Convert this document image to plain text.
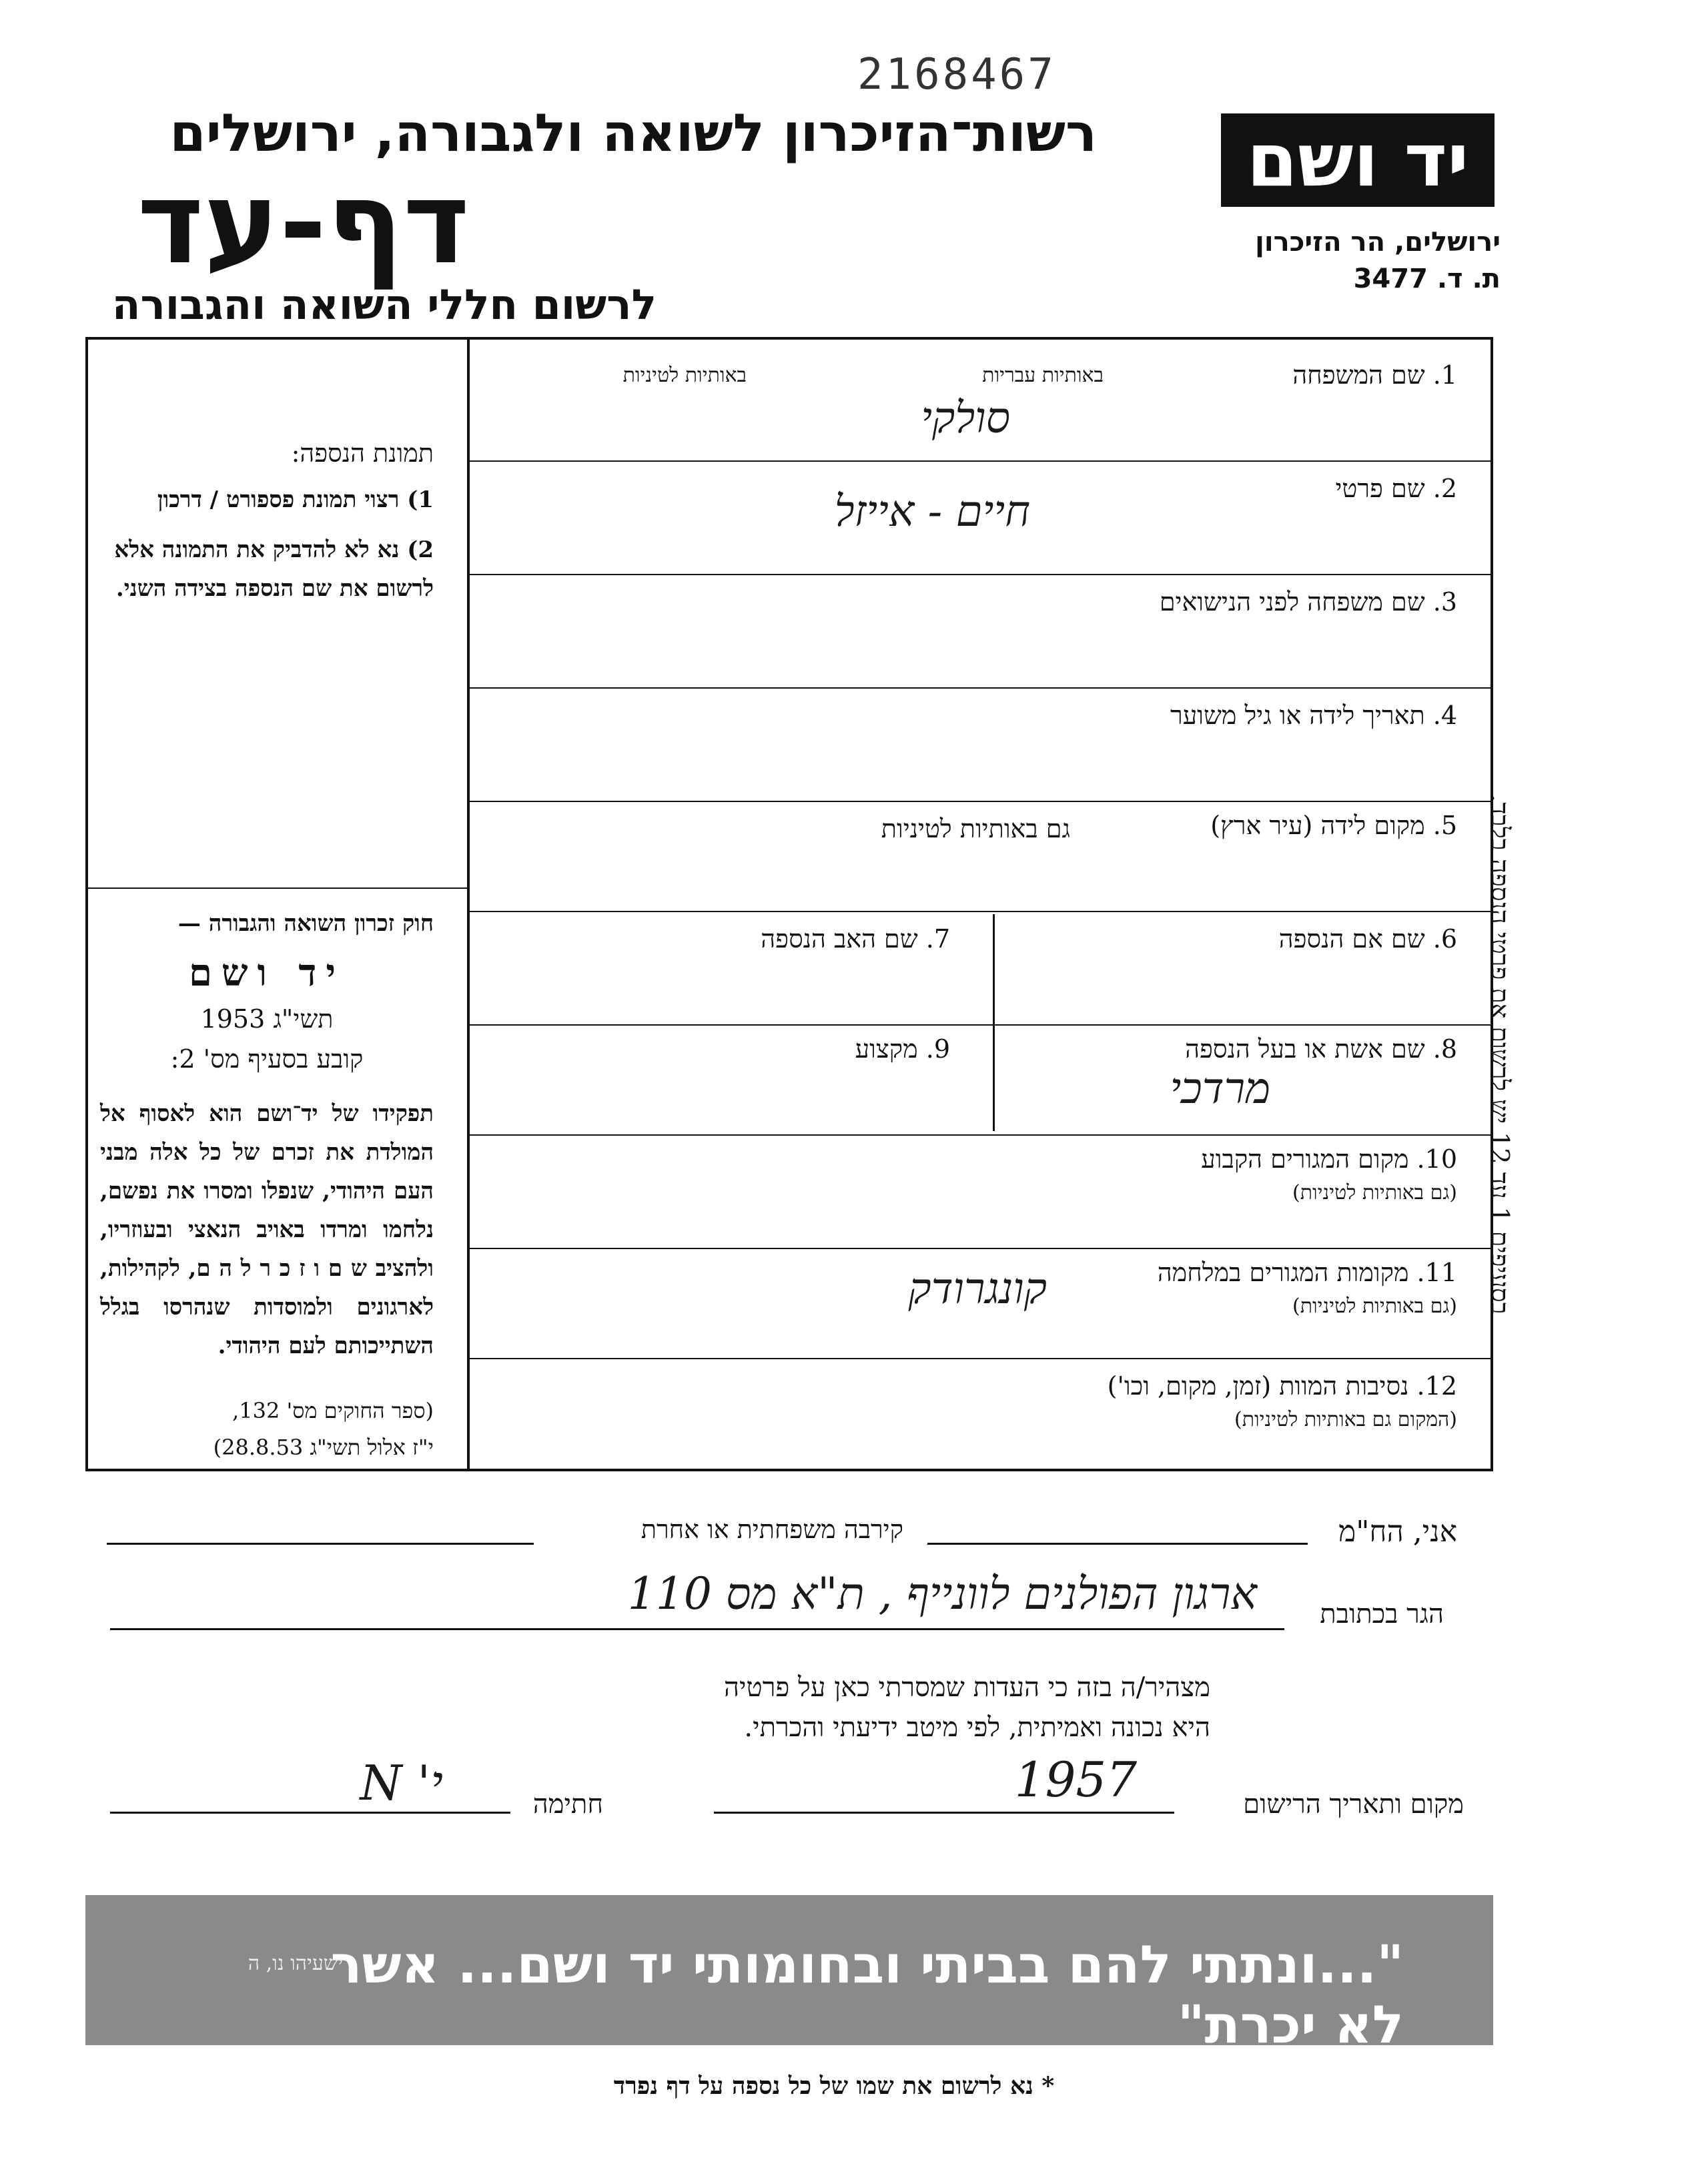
2168467
רשות־הזיכרון לשואה ולגבורה, ירושלים
דף-עד
לרשום חללי השואה והגבורה
יד ושם
ירושלים, הר הזיכרון
ת. ד. 3477
באותיות עבריות
באותיות לטיניות	1. שם המשפחה
סולקי
2. שם פרטי
חיים - אייזל
3. שם משפחה לפני הנישואים
4. תאריך לידה או גיל משוער
5. מקום לידה (עיר ארץ)
גם באותיות לטיניות
6. שם אם הנספה
7. שם האב הנספה
8. שם אשת או בעל הנספה
מרדכי
9. מקצוע
10. מקום המגורים הקבוע
(גם באותיות לטיניות)
11. מקומות המגורים במלחמה
(גם באותיות לטיניות)
קונגרודק
12. נסיבות המוות (זמן, מקום, וכו')
(המקום גם באותיות לטיניות)
תמונת הנספה:
1) רצוי תמונת פספורט / דרכון
2) נא לא להדביק את התמונה אלא לרשום את שם הנספה בצידה השני.
חוק זכרון השואה והגבורה —
יד ושם
תשי"ג 1953
קובע בסעיף מס' 2:
תפקידו של יד־ושם הוא לאסוף אל המולדת את זכרם של כל אלה מבני העם היהודי, שנפלו ומסרו את נפשם, נלחמו ומרדו באויב הנאצי ובעוזריו, ולהציב ש ם ו ז כ ר ל ה ם, לקהילות, לארגונים ולמוסדות שנהרסו בגלל השתייכותם לעם היהודי.
(ספר החוקים מס' 132,
י"ז אלול תשי"ג 28.8.53)
בסעיפים 1 עד 12 יש לרשום את פרטי הנספה בלבד.
אני, הח"מ
קירבה משפחתית או אחרת
הגר בכתובת
ארגון הפולנים לוונייף , ת"א מס 110
מצהיר/ה בזה כי העדות שמסרתי כאן על פרטיה
היא נכונה ואמיתית, לפי מיטב ידיעתי והכרתי.
מקום ותאריך הרישום
1957
חתימה
י' N
"...ונתתי להם בביתי ובחומותי יד ושם... אשר לא יכרת"
ישעיהו נו, ה
* נא לרשום את שמו של כל נספה על דף נפרד
